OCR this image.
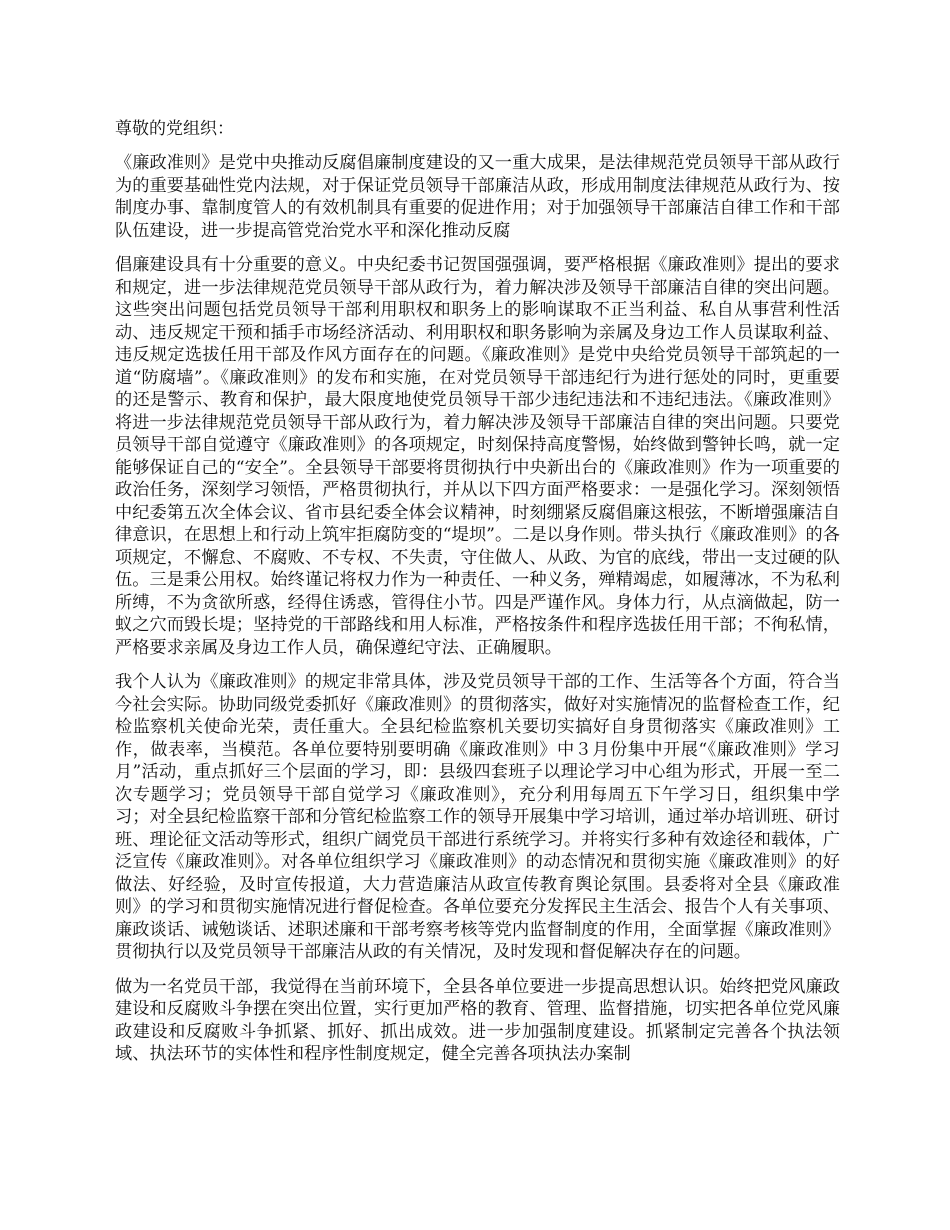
尊敬的党组织：

《廉政准则》是党中央推动反腐倡廉制度建设的又一重大成果，是法律规范党员领导干部从政行为的重要基础性党内法规，对于保证党员领导干部廉洁从政，形成用制度法律规范从政行为、按制度办事、靠制度管人的有效机制具有重要的促进作用；对于加强领导干部廉洁自律工作和干部队伍建设，进一步提高管党治党水平和深化推动反腐

倡廉建设具有十分重要的意义。中央纪委书记贺国强强调，要严格根据《廉政准则》提出的要求和规定，进一步法律规范党员领导干部从政行为，着力解决涉及领导干部廉洁自律的突出问题。这些突出问题包括党员领导干部利用职权和职务上的影响谋取不正当利益、私自从事营利性活动、违反规定干预和插手市场经济活动、利用职权和职务影响为亲属及身边工作人员谋取利益、违反规定选拔任用干部及作风方面存在的问题。《廉政准则》是党中央给党员领导干部筑起的一道“防腐墙”。《廉政准则》的发布和实施，在对党员领导干部违纪行为进行惩处的同时，更重要的还是警示、教育和保护，最大限度地使党员领导干部少违纪违法和不违纪违法。《廉政准则》将进一步法律规范党员领导干部从政行为，着力解决涉及领导干部廉洁自律的突出问题。只要党员领导干部自觉遵守《廉政准则》的各项规定，时刻保持高度警惕，始终做到警钟长鸣，就一定能够保证自己的“安全”。全县领导干部要将贯彻执行中央新出台的《廉政准则》作为一项重要的政治任务，深刻学习领悟，严格贯彻执行，并从以下四方面严格要求：一是强化学习。深刻领悟中纪委第五次全体会议、省市县纪委全体会议精神，时刻绷紧反腐倡廉这根弦，不断增强廉洁自律意识，在思想上和行动上筑牢拒腐防变的“堤坝”。二是以身作则。带头执行《廉政准则》的各项规定，不懈怠、不腐败、不专权、不失责，守住做人、从政、为官的底线，带出一支过硬的队伍。三是秉公用权。始终谨记将权力作为一种责任、一种义务，殚精竭虑，如履薄冰，不为私利所缚，不为贪欲所惑，经得住诱惑，管得住小节。四是严谨作风。身体力行，从点滴做起，防一蚁之穴而毁长堤；坚持党的干部路线和用人标准，严格按条件和程序选拔任用干部；不徇私情，严格要求亲属及身边工作人员，确保遵纪守法、正确履职。

我个人认为《廉政准则》的规定非常具体，涉及党员领导干部的工作、生活等各个方面，符合当今社会实际。协助同级党委抓好《廉政准则》的贯彻落实，做好对实施情况的监督检查工作，纪检监察机关使命光荣，责任重大。全县纪检监察机关要切实搞好自身贯彻落实《廉政准则》工作，做表率，当模范。各单位要特别要明确《廉政准则》中３月份集中开展“《廉政准则》学习月”活动，重点抓好三个层面的学习，即：县级四套班子以理论学习中心组为形式，开展一至二次专题学习；党员领导干部自觉学习《廉政准则》，充分利用每周五下午学习日，组织集中学习；对全县纪检监察干部和分管纪检监察工作的领导开展集中学习培训，通过举办培训班、研讨班、理论征文活动等形式，组织广阔党员干部进行系统学习。并将实行多种有效途径和载体，广泛宣传《廉政准则》。对各单位组织学习《廉政准则》的动态情况和贯彻实施《廉政准则》的好做法、好经验，及时宣传报道，大力营造廉洁从政宣传教育舆论氛围。县委将对全县《廉政准则》的学习和贯彻实施情况进行督促检查。各单位要充分发挥民主生活会、报告个人有关事项、廉政谈话、诫勉谈话、述职述廉和干部考察考核等党内监督制度的作用，全面掌握《廉政准则》贯彻执行以及党员领导干部廉洁从政的有关情况，及时发现和督促解决存在的问题。

做为一名党员干部，我觉得在当前环境下，全县各单位要进一步提高思想认识。始终把党风廉政建设和反腐败斗争摆在突出位置，实行更加严格的教育、管理、监督措施，切实把各单位党风廉政建设和反腐败斗争抓紧、抓好、抓出成效。进一步加强制度建设。抓紧制定完善各个执法领域、执法环节的实体性和程序性制度规定，健全完善各项执法办案制
